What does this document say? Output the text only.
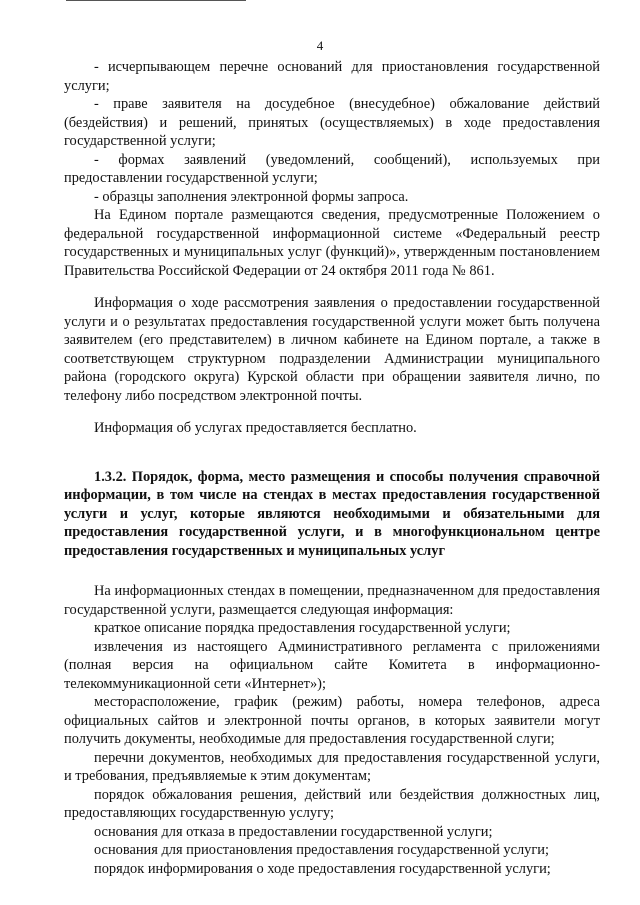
4

- исчерпывающем перечне оснований для приостановления государственной услуги;

- праве заявителя на досудебное (внесудебное) обжалование действий (бездействия) и решений, принятых (осуществляемых) в ходе предоставления государственной услуги;

- формах заявлений (уведомлений, сообщений), используемых при предоставлении государственной услуги;

- образцы заполнения электронной формы запроса.

На Едином портале размещаются сведения, предусмотренные Положением о федеральной государственной информационной системе «Федеральный реестр государственных и муниципальных услуг (функций)», утвержденным постановлением Правительства Российской Федерации от 24 октября 2011 года № 861.

Информация о ходе рассмотрения заявления о предоставлении государственной услуги и о результатах предоставления государственной услуги может быть получена заявителем (его представителем) в личном кабинете на Едином портале, а также в соответствующем структурном подразделении Администрации муниципального района (городского округа) Курской области при обращении заявителя лично, по телефону либо посредством электронной почты.

Информация об услугах предоставляется бесплатно.

1.3.2. Порядок, форма, место размещения и способы получения справочной информации, в том числе на стендах в местах предоставления государственной услуги и услуг, которые являются необходимыми и обязательными для предоставления государственной услуги, и в многофункциональном центре предоставления государственных и муниципальных услуг

На информационных стендах в помещении, предназначенном для предоставления государственной услуги, размещается следующая информация:

краткое описание порядка предоставления государственной услуги;

извлечения из настоящего Административного регламента с приложениями (полная версия на официальном сайте Комитета в информационно-телекоммуникационной сети «Интернет»);

месторасположение, график (режим) работы, номера телефонов, адреса официальных сайтов и электронной почты органов, в которых заявители могут получить документы, необходимые для предоставления государственной слуги;

перечни документов, необходимых для предоставления государственной услуги, и требования, предъявляемые к этим документам;

порядок обжалования решения, действий или бездействия должностных лиц, предоставляющих государственную услугу;

основания для отказа в предоставлении государственной услуги;

основания для приостановления предоставления государственной услуги;

порядок информирования о ходе предоставления государственной услуги;
